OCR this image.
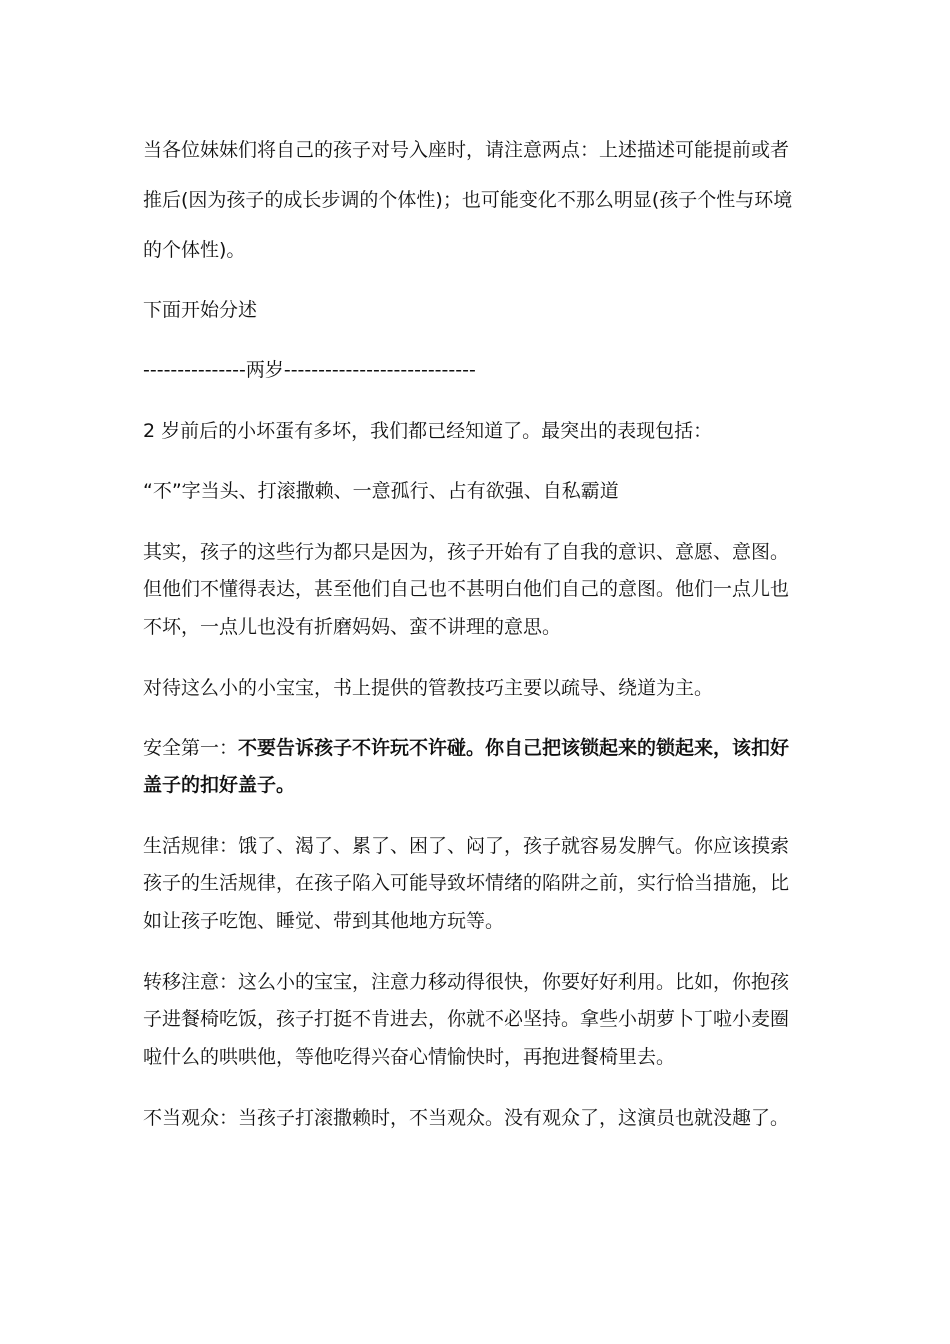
当各位妹妹们将自己的孩子对号入座时，请注意两点：上述描述可能提前或者
推后(因为孩子的成长步调的个体性)；也可能变化不那么明显(孩子个性与环境
的个体性)。
下面开始分述
---------------两岁----------------------------
2 岁前后的小坏蛋有多坏，我们都已经知道了。最突出的表现包括：
“不”字当头、打滚撒赖、一意孤行、占有欲强、自私霸道
其实，孩子的这些行为都只是因为，孩子开始有了自我的意识、意愿、意图。
但他们不懂得表达，甚至他们自己也不甚明白他们自己的意图。他们一点儿也
不坏，一点儿也没有折磨妈妈、蛮不讲理的意思。
对待这么小的小宝宝，书上提供的管教技巧主要以疏导、绕道为主。
安全第一：不要告诉孩子不许玩不许碰。你自己把该锁起来的锁起来，该扣好
盖子的扣好盖子。
生活规律：饿了、渴了、累了、困了、闷了，孩子就容易发脾气。你应该摸索
孩子的生活规律，在孩子陷入可能导致坏情绪的陷阱之前，实行恰当措施，比
如让孩子吃饱、睡觉、带到其他地方玩等。
转移注意：这么小的宝宝，注意力移动得很快，你要好好利用。比如，你抱孩
子进餐椅吃饭，孩子打挺不肯进去，你就不必坚持。拿些小胡萝卜丁啦小麦圈
啦什么的哄哄他，等他吃得兴奋心情愉快时，再抱进餐椅里去。
不当观众：当孩子打滚撒赖时，不当观众。没有观众了，这演员也就没趣了。
